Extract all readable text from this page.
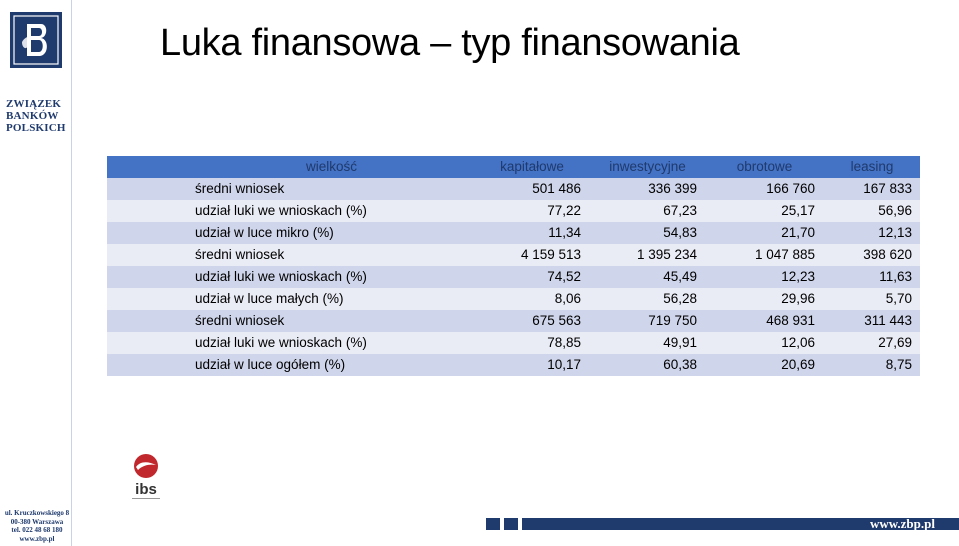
ZWIĄZEK
BANKÓW
POLSKICH
ul. Kruczkowskiego 8
00-380 Warszawa
tel. 022 48 68 180
www.zbp.pl
Luka finansowa – typ finansowania
wielkość	kapitałowe	inwestycyjne	obrotowe	leasing
średni wniosek	501 486	336 399	166 760	167 833
udział luki we wnioskach (%)	77,22	67,23	25,17	56,96
udział w luce mikro (%)	11,34	54,83	21,70	12,13
średni wniosek	4 159 513	1 395 234	1 047 885	398 620
udział luki we wnioskach (%)	74,52	45,49	12,23	11,63
udział w luce małych (%)	8,06	56,28	29,96	5,70
średni wniosek	675 563	719 750	468 931	311 443
udział luki we wnioskach (%)	78,85	49,91	12,06	27,69
udział w luce ogółem (%)	10,17	60,38	20,69	8,75
ibs
www.zbp.pl
